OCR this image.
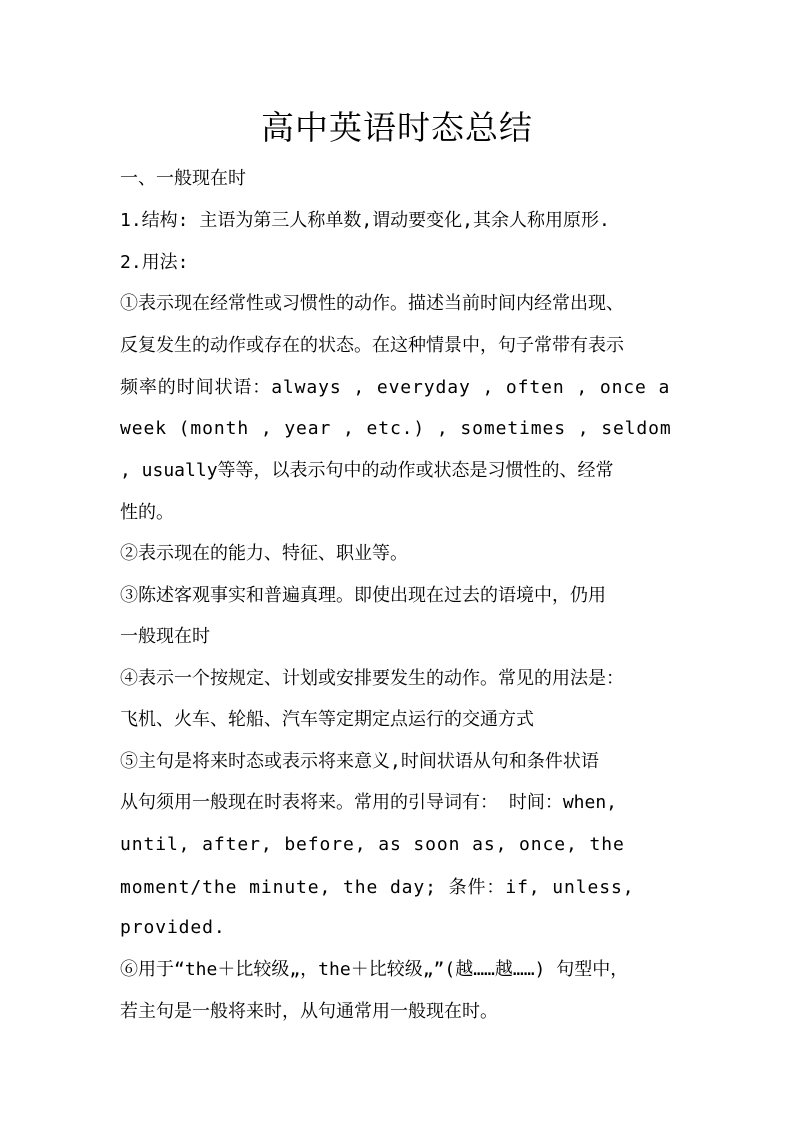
高中英语时态总结
一、一般现在时
1.结构: 主语为第三人称单数,谓动要变化,其余人称用原形.
2.用法:
①表示现在经常性或习惯性的动作。描述当前时间内经常出现、
反复发生的动作或存在的状态。在这种情景中，句子常带有表示
频率的时间状语：always , everyday , often , once a
week (month , year , etc.) , sometimes , seldom
, usually等等，以表示句中的动作或状态是习惯性的、经常
性的。
②表示现在的能力、特征、职业等。
③陈述客观事实和普遍真理。即使出现在过去的语境中，仍用
一般现在时
④表示一个按规定、计划或安排要发生的动作。常见的用法是：
飞机、火车、轮船、汽车等定期定点运行的交通方式
⑤主句是将来时态或表示将来意义,时间状语从句和条件状语
从句须用一般现在时表将来。常用的引导词有： 时间：when,
until, after, before, as soon as, once, the
moment/the minute, the day; 条件：if, unless,
provided.
⑥用于“the＋比较级„，the＋比较级„”(越……越……) 句型中，
若主句是一般将来时，从句通常用一般现在时。
